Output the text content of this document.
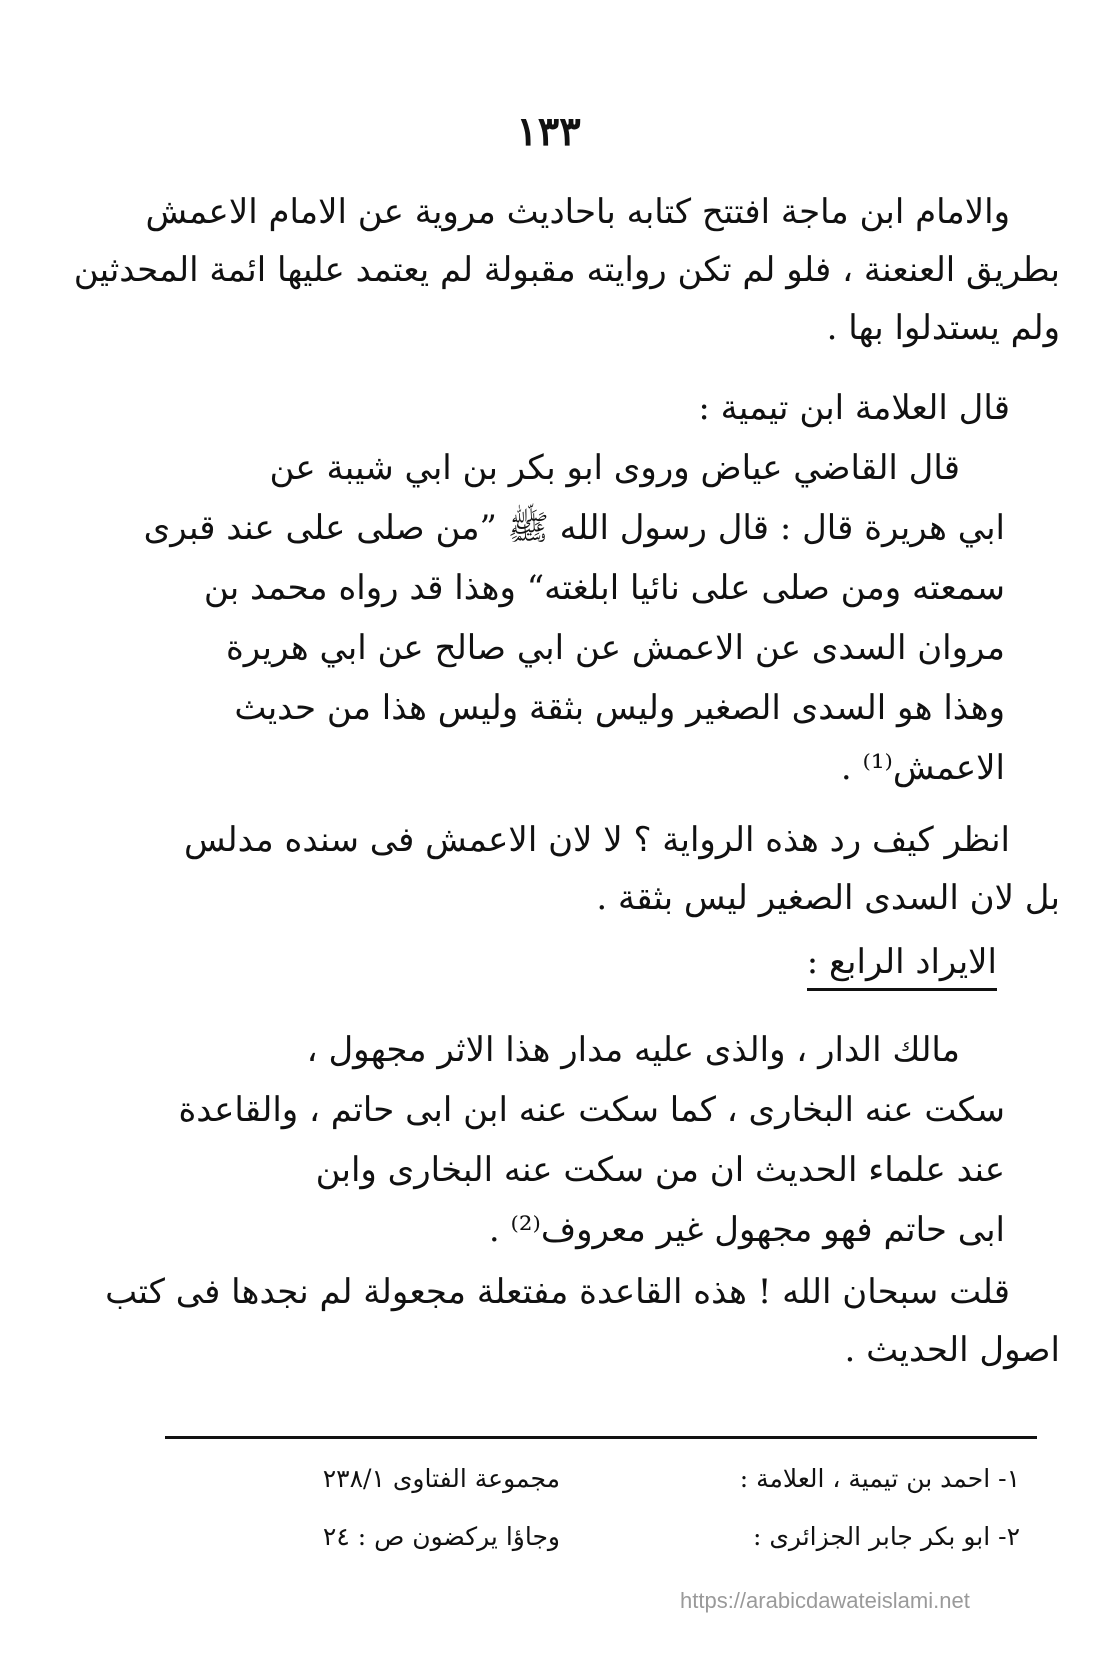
١٣٣
والامام ابن ماجة افتتح كتابه باحاديث مروية عن الامام الاعمش
بطريق العنعنة ، فلو لم تكن روايته مقبولة لم يعتمد عليها ائمة المحدثين
ولم يستدلوا بها .
قال العلامة ابن تيمية :
قال القاضي عياض وروى ابو بكر بن ابي شيبة عن
ابي هريرة قال : قال رسول الله ﷺ ”من صلى على عند قبرى
سمعته ومن صلى على نائيا ابلغته“ وهذا قد رواه محمد بن
مروان السدى عن الاعمش عن ابي صالح عن ابي هريرة
وهذا هو السدى الصغير وليس بثقة وليس هذا من حديث
الاعمش⁽¹⁾ .
انظر كيف رد هذه الرواية ؟ لا لان الاعمش فى سنده مدلس
بل لان السدى الصغير ليس بثقة .
الايراد الرابع :
مالك الدار ، والذى عليه مدار هذا الاثر مجهول ،
سكت عنه البخارى ، كما سكت عنه ابن ابى حاتم ، والقاعدة
عند علماء الحديث ان من سكت عنه البخارى وابن
ابى حاتم فهو مجهول غير معروف⁽²⁾ .
قلت سبحان الله ! هذه القاعدة مفتعلة مجعولة لم نجدها فى كتب
اصول الحديث .
١- احمد بن تيمية ، العلامة :
مجموعة الفتاوى ٢٣٨/١
٢- ابو بكر جابر الجزائرى :
وجاؤا يركضون ص : ٢٤
https://arabicdawateislami.net
